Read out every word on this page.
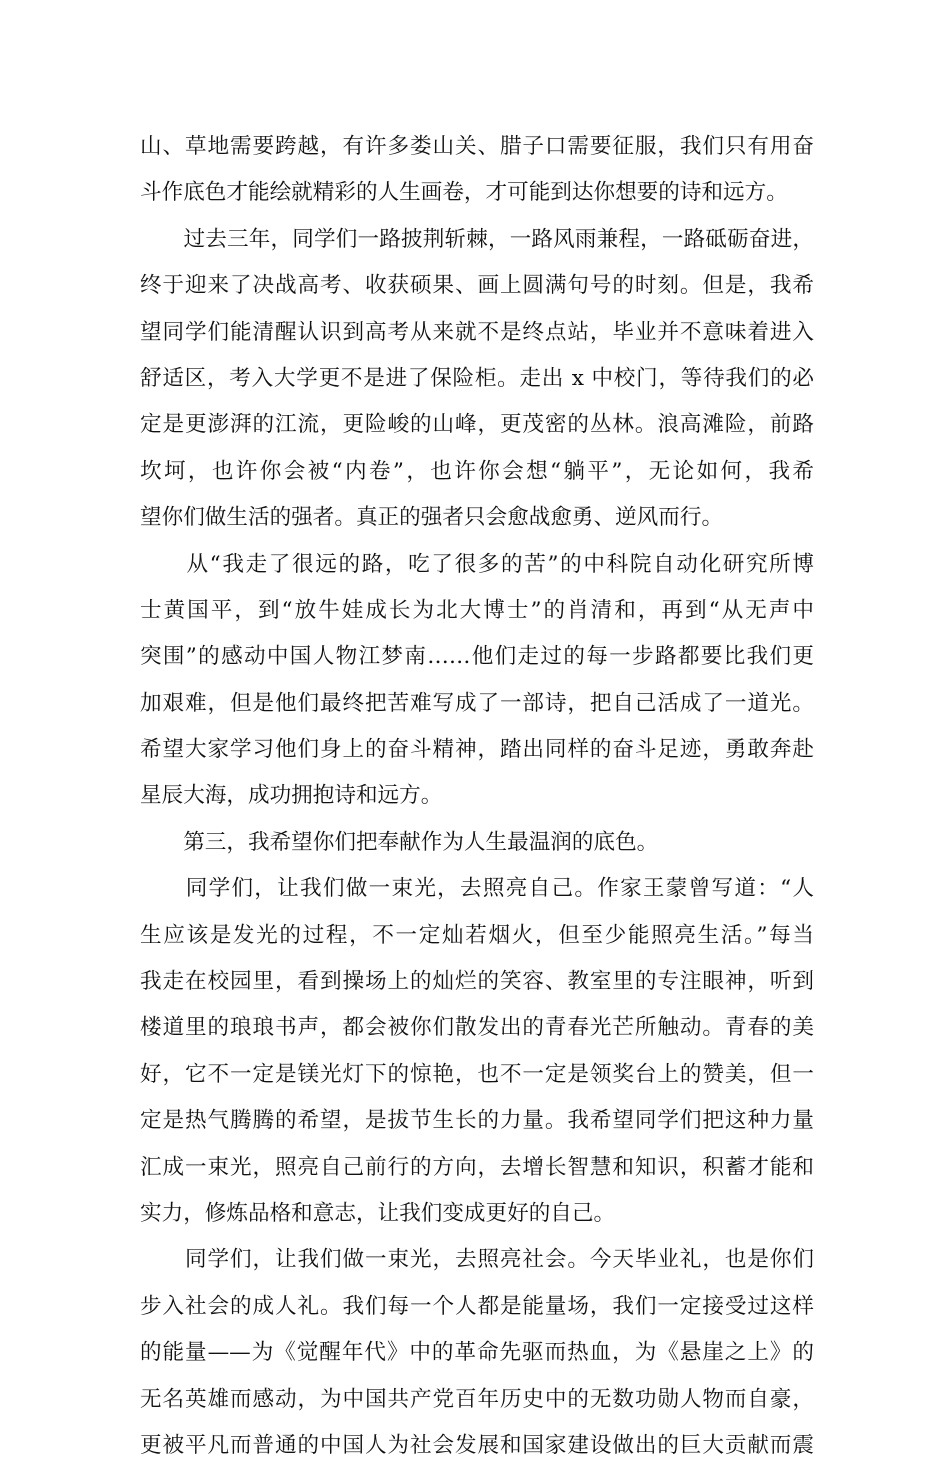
山、草地需要跨越，有许多娄山关、腊子口需要征服，我们只有用奋
斗作底色才能绘就精彩的人生画卷，才可能到达你想要的诗和远方。
　　过去三年，同学们一路披荆斩棘，一路风雨兼程，一路砥砺奋进，
终于迎来了决战高考、收获硕果、画上圆满句号的时刻。但是，我希
望同学们能清醒认识到高考从来就不是终点站，毕业并不意味着进入
舒适区，考入大学更不是进了保险柜。走出 x 中校门，等待我们的必
定是更澎湃的江流，更险峻的山峰，更茂密的丛林。浪高滩险，前路
坎坷，也许你会被“内卷”，也许你会想“躺平”，无论如何，我希
望你们做生活的强者。真正的强者只会愈战愈勇、逆风而行。
　　从“我走了很远的路，吃了很多的苦”的中科院自动化研究所博
士黄国平，到“放牛娃成长为北大博士”的肖清和，再到“从无声中
突围”的感动中国人物江梦南……他们走过的每一步路都要比我们更
加艰难，但是他们最终把苦难写成了一部诗，把自己活成了一道光。
希望大家学习他们身上的奋斗精神，踏出同样的奋斗足迹，勇敢奔赴
星辰大海，成功拥抱诗和远方。
　　第三，我希望你们把奉献作为人生最温润的底色。
　　同学们，让我们做一束光，去照亮自己。作家王蒙曾写道：“人
生应该是发光的过程，不一定灿若烟火，但至少能照亮生活。”每当
我走在校园里，看到操场上的灿烂的笑容、教室里的专注眼神，听到
楼道里的琅琅书声，都会被你们散发出的青春光芒所触动。青春的美
好，它不一定是镁光灯下的惊艳，也不一定是领奖台上的赞美，但一
定是热气腾腾的希望，是拔节生长的力量。我希望同学们把这种力量
汇成一束光，照亮自己前行的方向，去增长智慧和知识，积蓄才能和
实力，修炼品格和意志，让我们变成更好的自己。
　　同学们，让我们做一束光，去照亮社会。今天毕业礼，也是你们
步入社会的成人礼。我们每一个人都是能量场，我们一定接受过这样
的能量——为《觉醒年代》中的革命先驱而热血，为《悬崖之上》的
无名英雄而感动，为中国共产党百年历史中的无数功勋人物而自豪，
更被平凡而普通的中国人为社会发展和国家建设做出的巨大贡献而震
